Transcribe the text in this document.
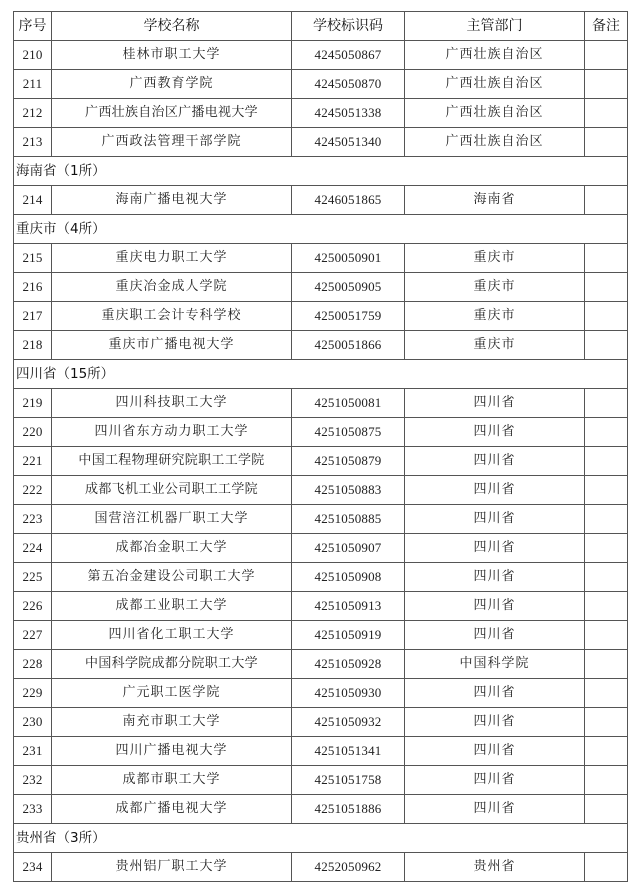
序号	学校名称	学校标识码	主管部门	备注
210	桂林市职工大学	4245050867	广西壮族自治区	
211	广西教育学院	4245050870	广西壮族自治区	
212	广西壮族自治区广播电视大学	4245051338	广西壮族自治区	
213	广西政法管理干部学院	4245051340	广西壮族自治区	
海南省（1所）				
214	海南广播电视大学	4246051865	海南省	
重庆市（4所）				
215	重庆电力职工大学	4250050901	重庆市	
216	重庆冶金成人学院	4250050905	重庆市	
217	重庆职工会计专科学校	4250051759	重庆市	
218	重庆市广播电视大学	4250051866	重庆市	
四川省（15所）				
219	四川科技职工大学	4251050081	四川省	
220	四川省东方动力职工大学	4251050875	四川省	
221	中国工程物理研究院职工工学院	4251050879	四川省	
222	成都飞机工业公司职工工学院	4251050883	四川省	
223	国营涪江机器厂职工大学	4251050885	四川省	
224	成都冶金职工大学	4251050907	四川省	
225	第五冶金建设公司职工大学	4251050908	四川省	
226	成都工业职工大学	4251050913	四川省	
227	四川省化工职工大学	4251050919	四川省	
228	中国科学院成都分院职工大学	4251050928	中国科学院	
229	广元职工医学院	4251050930	四川省	
230	南充市职工大学	4251050932	四川省	
231	四川广播电视大学	4251051341	四川省	
232	成都市职工大学	4251051758	四川省	
233	成都广播电视大学	4251051886	四川省	
贵州省（3所）				
234	贵州铝厂职工大学	4252050962	贵州省	
